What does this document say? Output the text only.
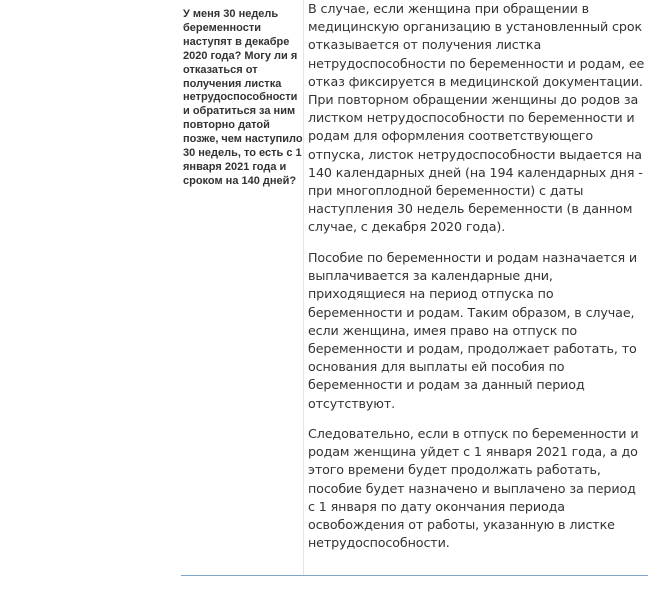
У меня 30 недель беременности наступят в декабре 2020 года? Могу ли я отказаться от получения листка нетрудоспособности и обратиться за ним повторно датой позже, чем наступило 30 недель, то есть с 1 января 2021 года и сроком на 140 дней?

В случае, если женщина при обращении в медицинскую организацию в установленный срок отказывается от получения листка нетрудоспособности по беременности и родам, ее отказ фиксируется в медицинской документации. При повторном обращении женщины до родов за листком нетрудоспособности по беременности и родам для оформления соответствующего отпуска, листок нетрудоспособности выдается на 140 календарных дней (на 194 календарных дня - при многоплодной беременности) с даты наступления 30 недель беременности (в данном случае, с декабря 2020 года).

Пособие по беременности и родам назначается и выплачивается за календарные дни, приходящиеся на период отпуска по беременности и родам. Таким образом, в случае, если женщина, имея право на отпуск по беременности и родам, продолжает работать, то основания для выплаты ей пособия по беременности и родам за данный период отсутствуют.

Следовательно, если в отпуск по беременности и родам женщина уйдет с 1 января 2021 года, а до этого времени будет продолжать работать, пособие будет назначено и выплачено за период с 1 января по дату окончания периода освобождения от работы, указанную в листке нетрудоспособности.
